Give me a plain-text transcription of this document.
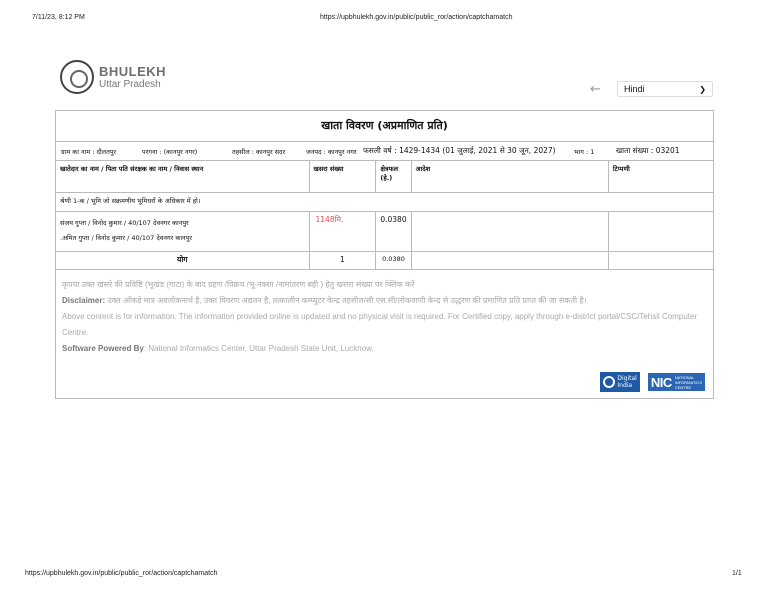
7/11/23, 8:12 PM	https://upbhulekh.gov.in/public/public_ror/action/captchamatch
BHULEKH
Uttar Pradesh	←	Hindi	❯
खाता विवरण (अप्रमाणित प्रति)
ग्राम का नाम : दौलतपुर	परगना : (कानपुर नगर)	तहसील : कानपुर सदर	जनपद : कानपुर नगर फसली वर्ष : 1429-1434 (01 जुलाई, 2021 से 30 जून, 2027)	भाग : 1	खाता संख्या : 03201
खातेदार का नाम / पिता पति संरक्षक का नाम / निवास स्थान	खसरा संख्या	क्षेत्रफल (हे.)	आदेश	टिप्पणी
श्रेणी 1-क / भूमि जो संक्रमणीय भूमिधरों के अधिकार में हो।				

संजय गुप्ता / विनोद कुमार / 40/107 देवनगर कानपुर
.अमित गुप्ता / विनोद कुमार / 40/107 देवनगर कानपुर	1148मि.	0.0380		
योग	1	0.0380		
कृपया उक्त खसरे की प्रविष्टि (भूखंड (गाटा) के बाद ग्रहण /विक्रय /भू-नक्शा /नामांतरण बही ) हेतु खसरा संख्या पर क्लिक करें
Disclaimer: उक्त आँकड़े मात्र अवलोकनार्थ है, उक्त विवरण अद्यतन है, तत्कालीन कम्प्यूटर केन्द्र तहसील/सी.एस.सी/लोकवाणी केन्द्र से उद्धरण की प्रमाणित प्रति प्राप्त की जा सकती है।
Above content is for information. The information provided online is updated and no physical visit is required. For Certified copy, apply through e-district portal/CSC/Tehsil Computer Centre.
Software Powered By: National Informatics Center, Uttar Pradesh State Unit, Lucknow.
Digital
India	NIC NATIONAL
INFORMATICS
CENTRE
https://upbhulekh.gov.in/public/public_ror/action/captchamatch	1/1
